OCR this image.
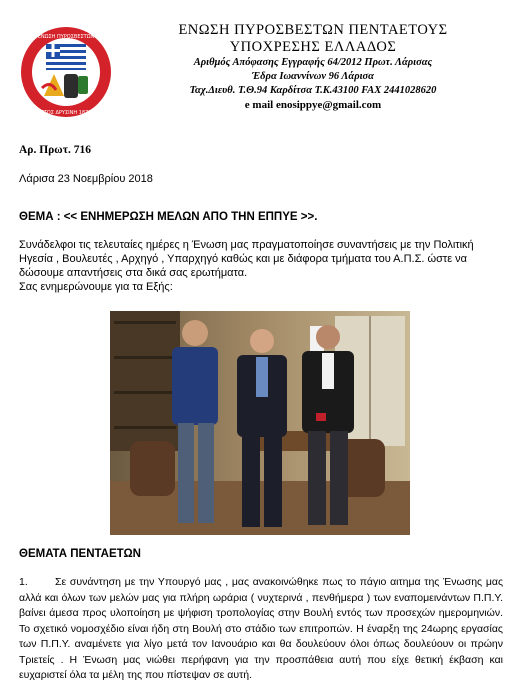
ΕΝΩΣΗ ΠΥΡΟΣΒΕΣΤΩΝ
ΣΤΟΣ ΔΡΥΣΙΝΗ 1871
ΕΝΩΣΗ ΠΥΡΟΣΒΕΣΤΩΝ ΠΕΝΤΑΕΤΟΥΣ
ΥΠΟΧΡΕΣΗΣ ΕΛΛΑΔΟΣ
Αριθμός Απόφασης Εγγραφής 64/2012 Πρωτ. Λάρισας
Έδρα Ιωαννίνων 96 Λάρισα
Ταχ.Διευθ. Τ.Θ.94 Καρδίτσα Τ.Κ.43100 FAX 2441028620
e mail enosippye@gmail.com
Αρ. Πρωτ. 716
Λάρισα 23 Νοεμβρίου 2018
ΘΕΜΑ : << ΕΝΗΜΕΡΩΣΗ ΜΕΛΩΝ ΑΠΟ ΤΗΝ ΕΠΠΥΕ >>.

Συνάδελφοι τις τελευταίες ημέρες η Ένωση μας πραγματοποίησε συναντήσεις με την Πολιτική Ηγεσία , Βουλευτές , Αρχηγό , Υπαρχηγό καθώς και με διάφορα τμήματα του Α.Π.Σ. ώστε να δώσουμε απαντήσεις στα δικά σας ερωτήματα.

Σας ενημερώνουμε για τα Εξής:

ΘΕΜΑΤΑ ΠΕΝΤΑΕΤΩΝ
1.	Σε συνάντηση με την Υπουργό μας , μας ανακοινώθηκε πως το πάγιο αιτημα της Ένωσης μας αλλά και όλων των μελών μας για πλήρη ωράρια ( νυχτερινά , πενθήμερα ) των εναπομεινάντων Π.Π.Υ. βαίνει άμεσα προς υλοποίηση με ψήφιση τροπολογίας στην Βουλή εντός των προσεχών ημερομηνιών. Το σχετικό νομοσχέδιο είναι ήδη στη Βουλή στο στάδιο των επιτροπών. Η έναρξη της 24ωρης εργασίας των Π.Π.Υ. αναμένετε για λίγο μετά τον Ιανουάριο και θα δουλεύουν όλοι όπως δουλεύουν οι πρώην Τριετείς . Η Ένωση μας νιώθει περήφανη για την προσπάθεια αυτή που είχε θετική έκβαση και ευχαριστεί όλα τα μέλη της που πίστεψαν σε αυτή.
